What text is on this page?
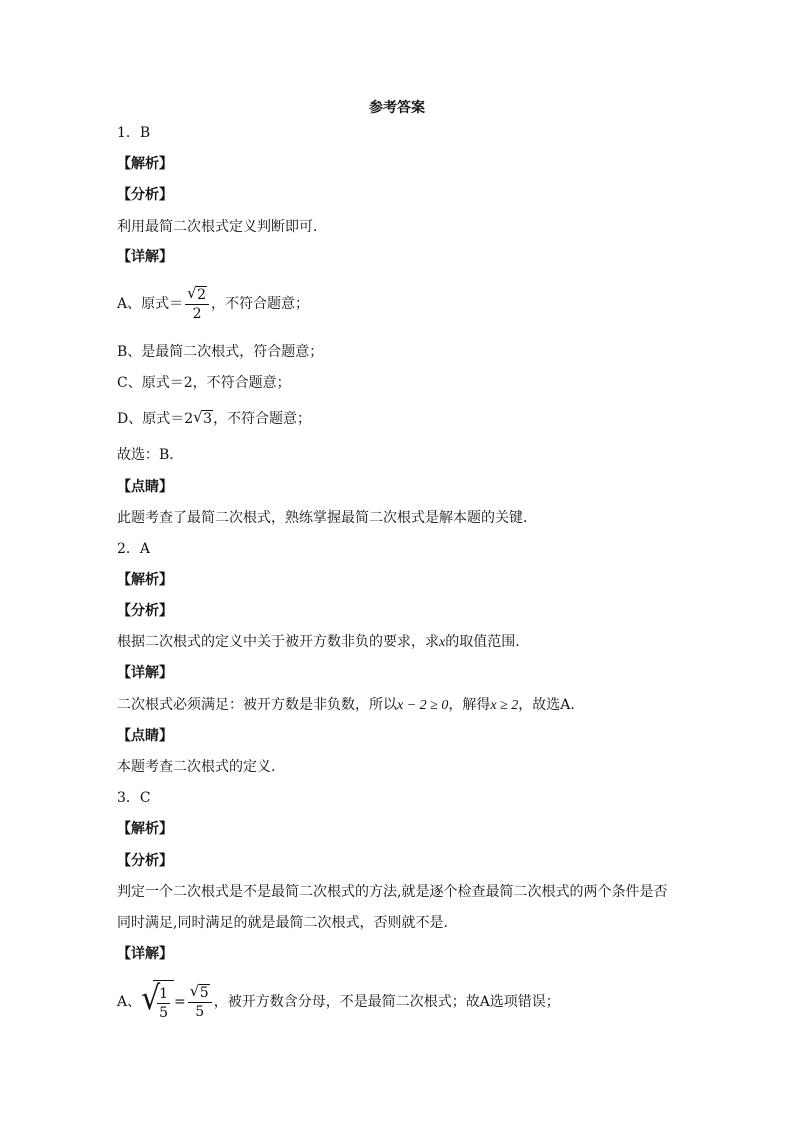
参考答案
1．B
【解析】
【分析】
利用最简二次根式定义判断即可．
【详解】
A、原式＝ $\frac{√ 2}{2}$ ，不符合题意；
B、是最简二次根式，符合题意；
C、原式＝2，不符合题意；
D、原式＝2 √ 3，不符合题意；
故选：B．
【点睛】
此题考查了最简二次根式，熟练掌握最简二次根式是解本题的关键．
2．A
【解析】
【分析】
根据二次根式的定义中关于被开方数非负的要求，求x的取值范围.
【详解】
二次根式必须满足：被开方数是非负数，所以x − 2 ≥ 0，解得x ≥ 2，故选A．
【点睛】
本题考查二次根式的定义.
3．C
【解析】
【分析】
判定一个二次根式是不是最简二次根式的方法,就是逐个检查最简二次根式的两个条件是否
同时满足,同时满足的就是最简二次根式，否则就不是．
【详解】
A、 √
$\frac{1}{5} = \frac{√ 5}{5}$ ，被开方数含分母，不是最简二次根式；故A选项错误；
